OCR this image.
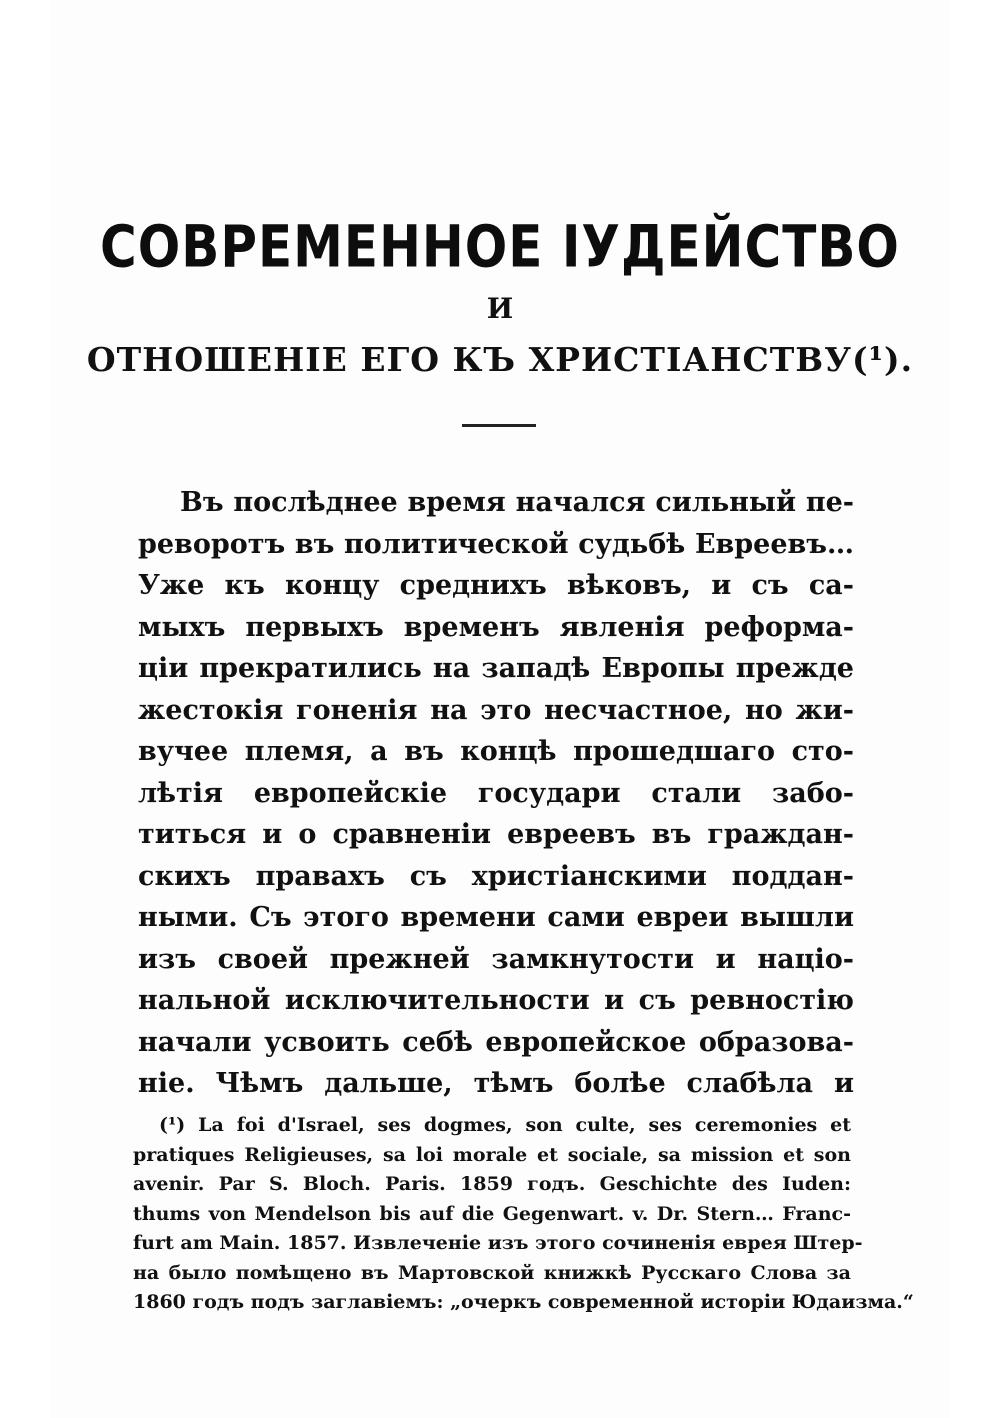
СОВРЕМЕННОЕ ІУДЕЙСТВО
И
ОТНОШЕНІЕ ЕГО КЪ ХРИСТІАНСТВУ(¹).
Въ послѣднее время начался сильный пе-
реворотъ въ политической судьбѣ Евреевъ…
Уже къ концу среднихъ вѣковъ, и съ са-
мыхъ первыхъ временъ явленія реформа-
ціи прекратились на западѣ Европы прежде
жестокія гоненія на это несчастное, но жи-
вучее племя, а въ концѣ прошедшаго сто-
лѣтія европейскіе государи стали забо-
титься и о сравненіи евреевъ въ граждан-
скихъ правахъ съ христіанскими поддан-
ными. Съ этого времени сами евреи вышли
изъ своей прежней замкнутости и націо-
нальной исключительности и съ ревностію
начали усвоить себѣ европейское образова-
ніе. Чѣмъ дальше, тѣмъ болѣе слабѣла и
(¹) La foi d'Israel, ses dogmes, son culte, ses ceremonies et
pratiques Religieuses, sa loi morale et sociale, sa mission et son
avenir. Par S. Bloch. Paris. 1859 годъ. Geschichte des Iuden:
thums von Mendelson bis auf die Gegenwart. v. Dr. Stern… Franc-
furt am Main. 1857. Извлеченіе изъ этого сочиненія еврея Штер-
на было помѣщено въ Мартовской книжкѣ Русскаго Слова за
1860 годъ подъ заглавіемъ: „очеркъ современной исторіи Юдаизма.“
